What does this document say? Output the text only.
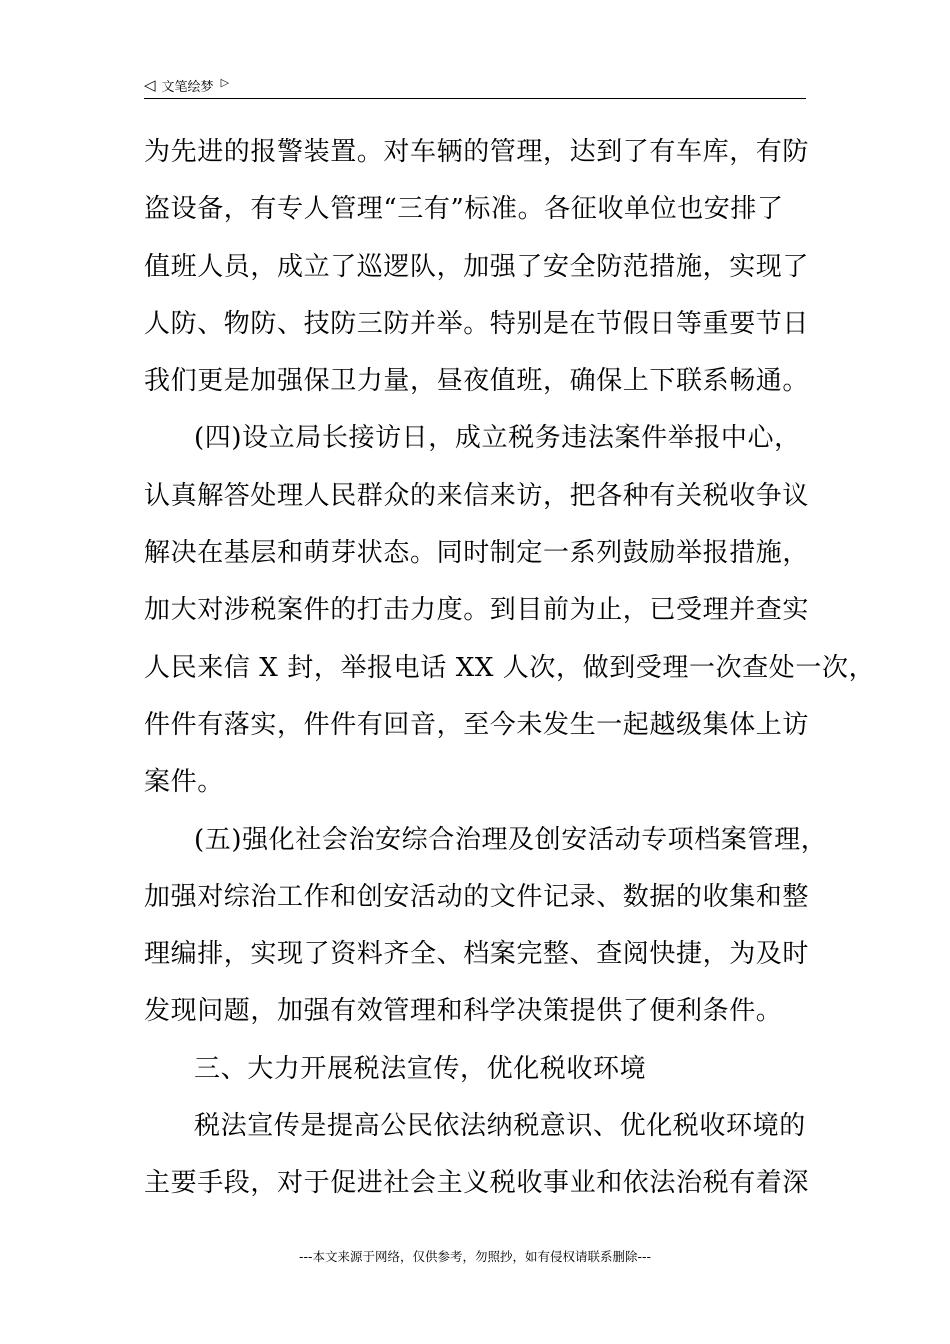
◁ 文笔绘梦 ▷
为先进的报警装置。对车辆的管理，达到了有车库，有防
盗设备，有专人管理“三有”标准。各征收单位也安排了
值班人员，成立了巡逻队，加强了安全防范措施，实现了
人防、物防、技防三防并举。特别是在节假日等重要节日
我们更是加强保卫力量，昼夜值班，确保上下联系畅通。
(四)设立局长接访日，成立税务违法案件举报中心，
认真解答处理人民群众的来信来访，把各种有关税收争议
解决在基层和萌芽状态。同时制定一系列鼓励举报措施，
加大对涉税案件的打击力度。到目前为止，已受理并查实
人民来信 X 封，举报电话 XX 人次，做到受理一次查处一次，
件件有落实，件件有回音，至今未发生一起越级集体上访
案件。
(五)强化社会治安综合治理及创安活动专项档案管理，
加强对综治工作和创安活动的文件记录、数据的收集和整
理编排，实现了资料齐全、档案完整、查阅快捷，为及时
发现问题，加强有效管理和科学决策提供了便利条件。
三、大力开展税法宣传，优化税收环境
税法宣传是提高公民依法纳税意识、优化税收环境的
主要手段，对于促进社会主义税收事业和依法治税有着深
---本文来源于网络，仅供参考，勿照抄，如有侵权请联系删除---
